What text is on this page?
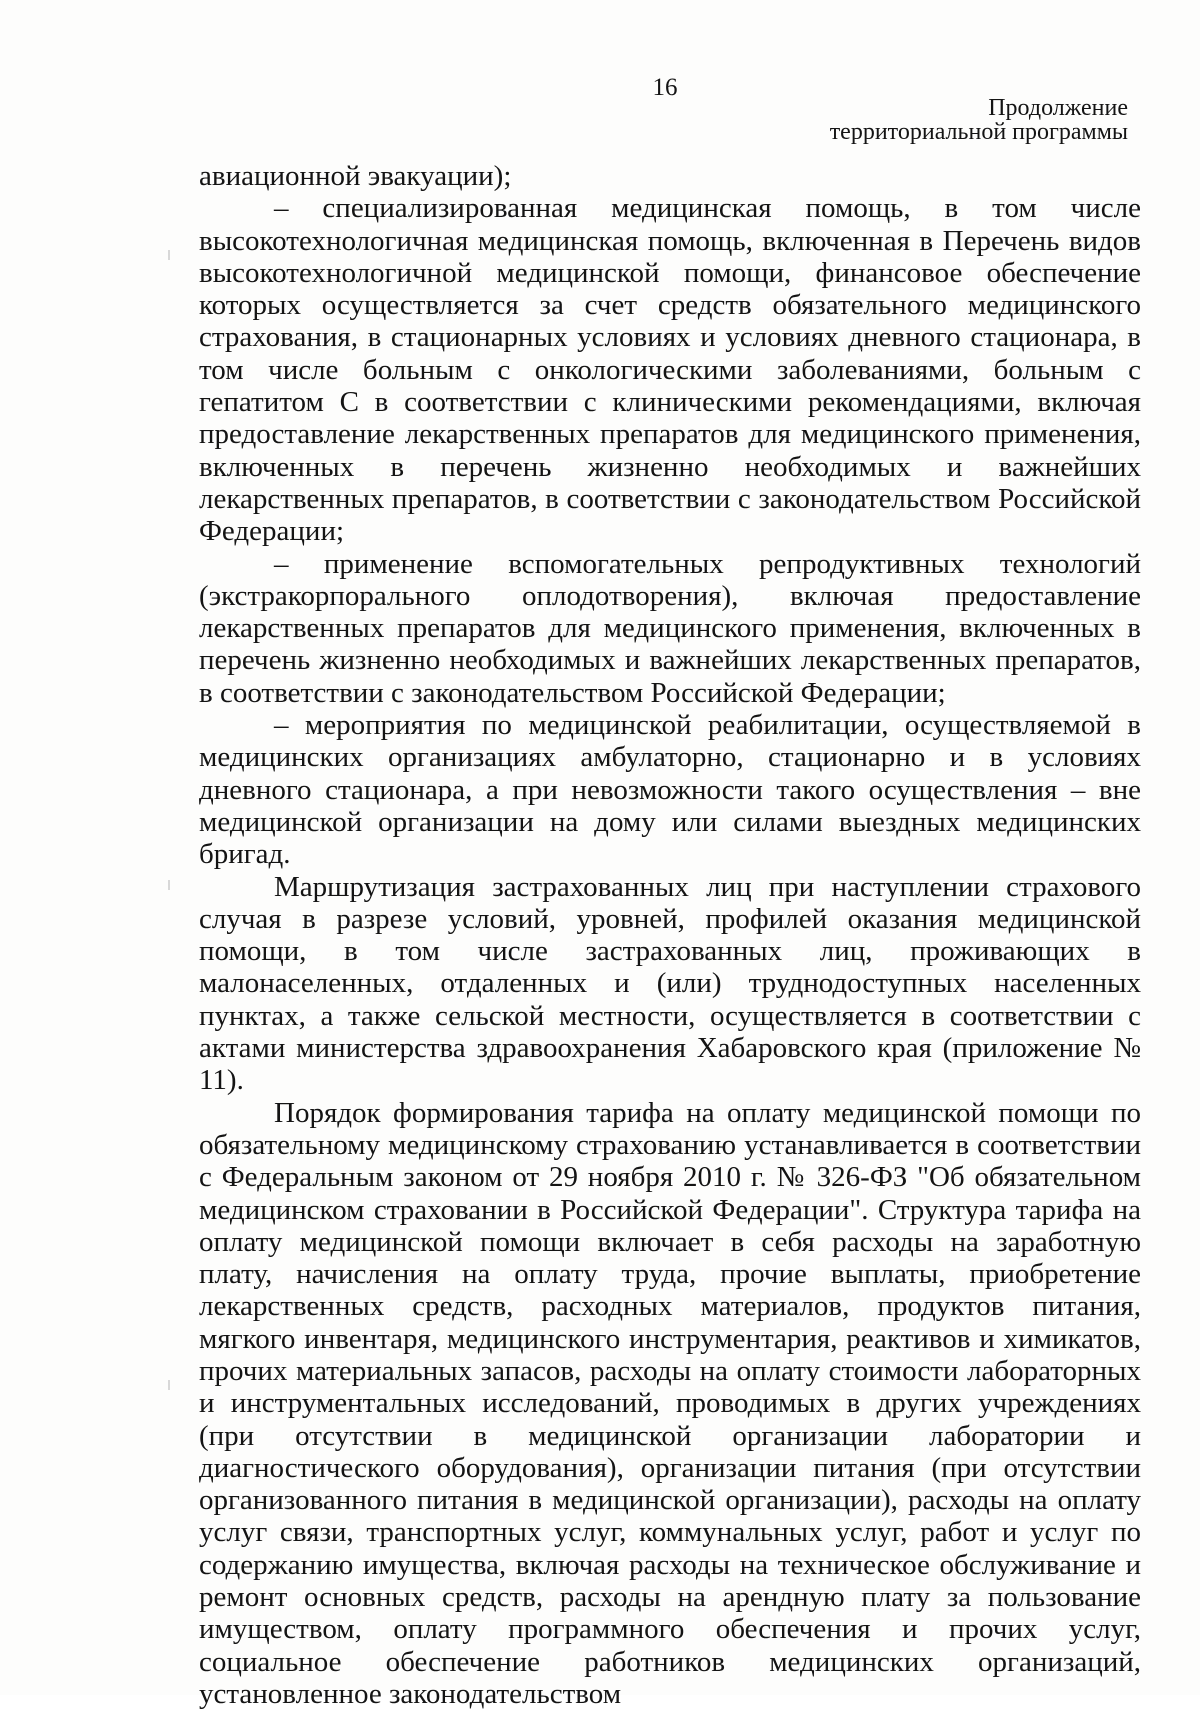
16
Продолжение
территориальной программы

авиационной эвакуации);

– специализированная медицинская помощь, в том числе высокотехнологичная медицинская помощь, включенная в Перечень видов высокотехнологичной медицинской помощи, финансовое обеспечение которых осуществляется за счет средств обязательного медицинского страхования, в стационарных условиях и условиях дневного стационара, в том числе больным с онкологическими заболеваниями, больным с гепатитом С в соответствии с клиническими рекомендациями, включая предоставление лекарственных препаратов для медицинского применения, включенных в перечень жизненно необходимых и важнейших лекарственных препаратов, в соответствии с законодательством Российской Федерации;

– применение вспомогательных репродуктивных технологий (экстракорпорального оплодотворения), включая предоставление лекарственных препаратов для медицинского применения, включенных в перечень жизненно необходимых и важнейших лекарственных препаратов, в соответствии с законодательством Российской Федерации;

– мероприятия по медицинской реабилитации, осуществляемой в медицинских организациях амбулаторно, стационарно и в условиях дневного стационара, а при невозможности такого осуществления – вне медицинской организации на дому или силами выездных медицинских бригад.

Маршрутизация застрахованных лиц при наступлении страхового случая в разрезе условий, уровней, профилей оказания медицинской помощи, в том числе застрахованных лиц, проживающих в малонаселенных, отдаленных и (или) труднодоступных населенных пунктах, а также сельской местности, осуществляется в соответствии с актами министерства здравоохранения Хабаровского края (приложение № 11).

Порядок формирования тарифа на оплату медицинской помощи по обязательному медицинскому страхованию устанавливается в соответствии с Федеральным законом от 29 ноября 2010 г. № 326-ФЗ "Об обязательном медицинском страховании в Российской Федерации". Структура тарифа на оплату медицинской помощи включает в себя расходы на заработную плату, начисления на оплату труда, прочие выплаты, приобретение лекарственных средств, расходных материалов, продуктов питания, мягкого инвентаря, медицинского инструментария, реактивов и химикатов, прочих материальных запасов, расходы на оплату стоимости лабораторных и инструментальных исследований, проводимых в других учреждениях (при отсутствии в медицинской организации лаборатории и диагностического оборудования), организации питания (при отсутствии организованного питания в медицинской организации), расходы на оплату услуг связи, транспортных услуг, коммунальных услуг, работ и услуг по содержанию имущества, включая расходы на техническое обслуживание и ремонт основных средств, расходы на арендную плату за пользование имуществом, оплату программного обеспечения и прочих услуг, социальное обеспечение работников медицинских организаций, установленное законодательством
